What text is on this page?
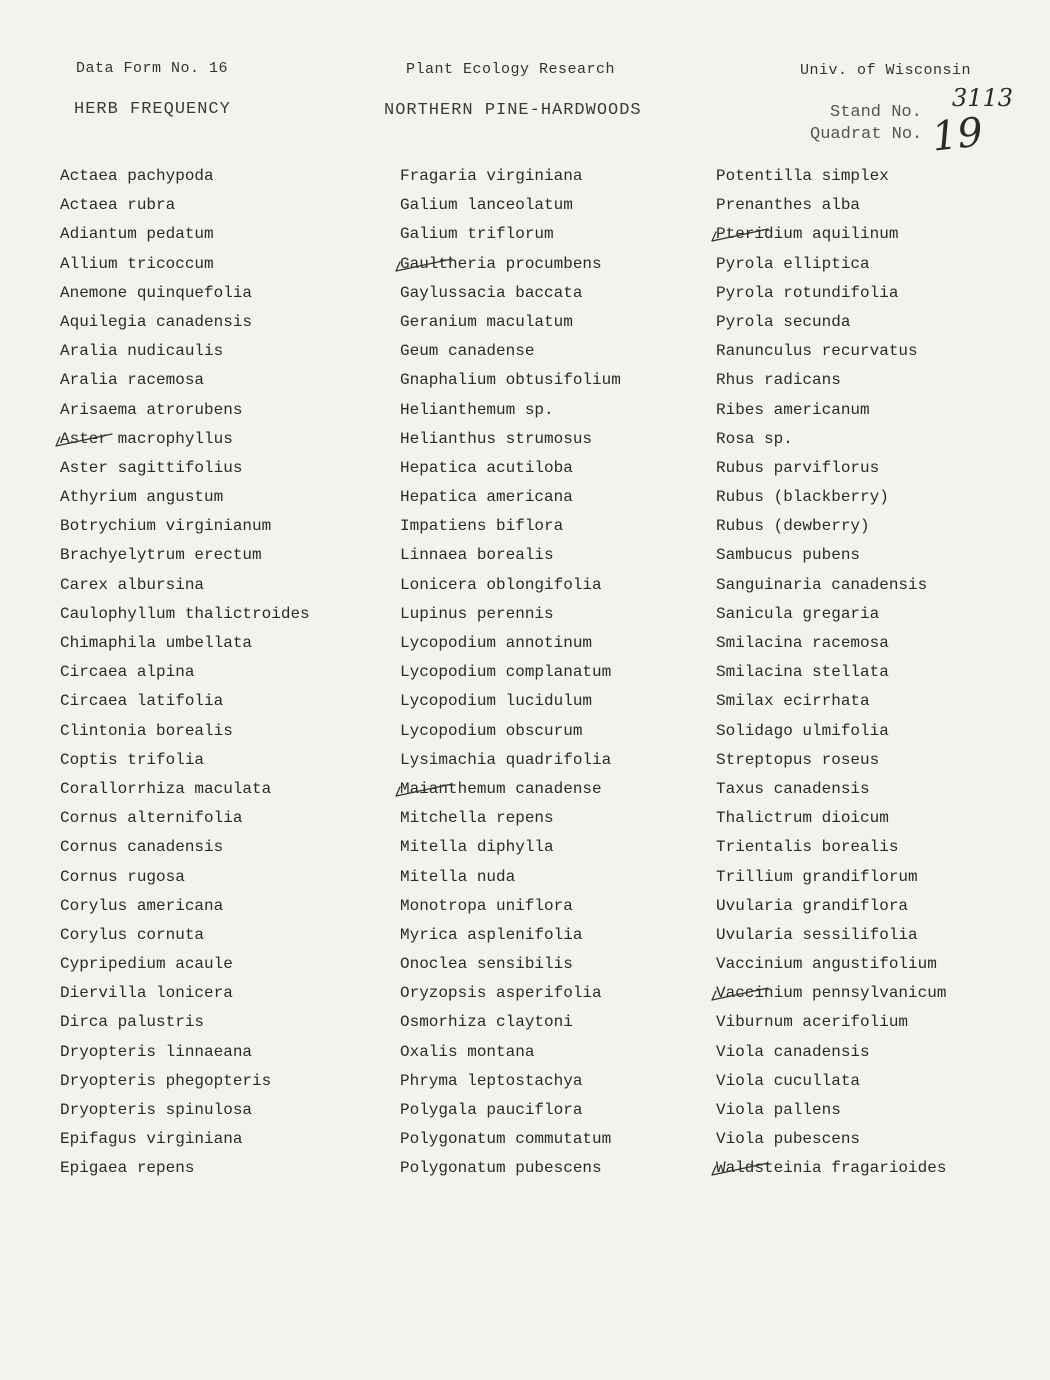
Data Form No. 16	Plant Ecology Research	Univ. of Wisconsin
HERB FREQUENCY	NORTHERN PINE-HARDWOODS	Stand No.
Quadrat No.
3113
19
Actaea pachypoda
Actaea rubra
Adiantum pedatum
Allium tricoccum
Anemone quinquefolia
Aquilegia canadensis
Aralia nudicaulis
Aralia racemosa
Arisaema atrorubens
Aster macrophyllus
Aster sagittifolius
Athyrium angustum
Botrychium virginianum
Brachyelytrum erectum
Carex albursina
Caulophyllum thalictroides
Chimaphila umbellata
Circaea alpina
Circaea latifolia
Clintonia borealis
Coptis trifolia
Corallorrhiza maculata
Cornus alternifolia
Cornus canadensis
Cornus rugosa
Corylus americana
Corylus cornuta
Cypripedium acaule
Diervilla lonicera
Dirca palustris
Dryopteris linnaeana
Dryopteris phegopteris
Dryopteris spinulosa
Epifagus virginiana
Epigaea repens
Fragaria virginiana
Galium lanceolatum
Galium triflorum
Gaultheria procumbens
Gaylussacia baccata
Geranium maculatum
Geum canadense
Gnaphalium obtusifolium
Helianthemum sp.
Helianthus strumosus
Hepatica acutiloba
Hepatica americana
Impatiens biflora
Linnaea borealis
Lonicera oblongifolia
Lupinus perennis
Lycopodium annotinum
Lycopodium complanatum
Lycopodium lucidulum
Lycopodium obscurum
Lysimachia quadrifolia
Maianthemum canadense
Mitchella repens
Mitella diphylla
Mitella nuda
Monotropa uniflora
Myrica asplenifolia
Onoclea sensibilis
Oryzopsis asperifolia
Osmorhiza claytoni
Oxalis montana
Phryma leptostachya
Polygala pauciflora
Polygonatum commutatum
Polygonatum pubescens
Potentilla simplex
Prenanthes alba
Pteridium aquilinum
Pyrola elliptica
Pyrola rotundifolia
Pyrola secunda
Ranunculus recurvatus
Rhus radicans
Ribes americanum
Rosa sp.
Rubus parviflorus
Rubus (blackberry)
Rubus (dewberry)
Sambucus pubens
Sanguinaria canadensis
Sanicula gregaria
Smilacina racemosa
Smilacina stellata
Smilax ecirrhata
Solidago ulmifolia
Streptopus roseus
Taxus canadensis
Thalictrum dioicum
Trientalis borealis
Trillium grandiflorum
Uvularia grandiflora
Uvularia sessilifolia
Vaccinium angustifolium
Vaccinium pennsylvanicum
Viburnum acerifolium
Viola canadensis
Viola cucullata
Viola pallens
Viola pubescens
Waldsteinia fragarioides
